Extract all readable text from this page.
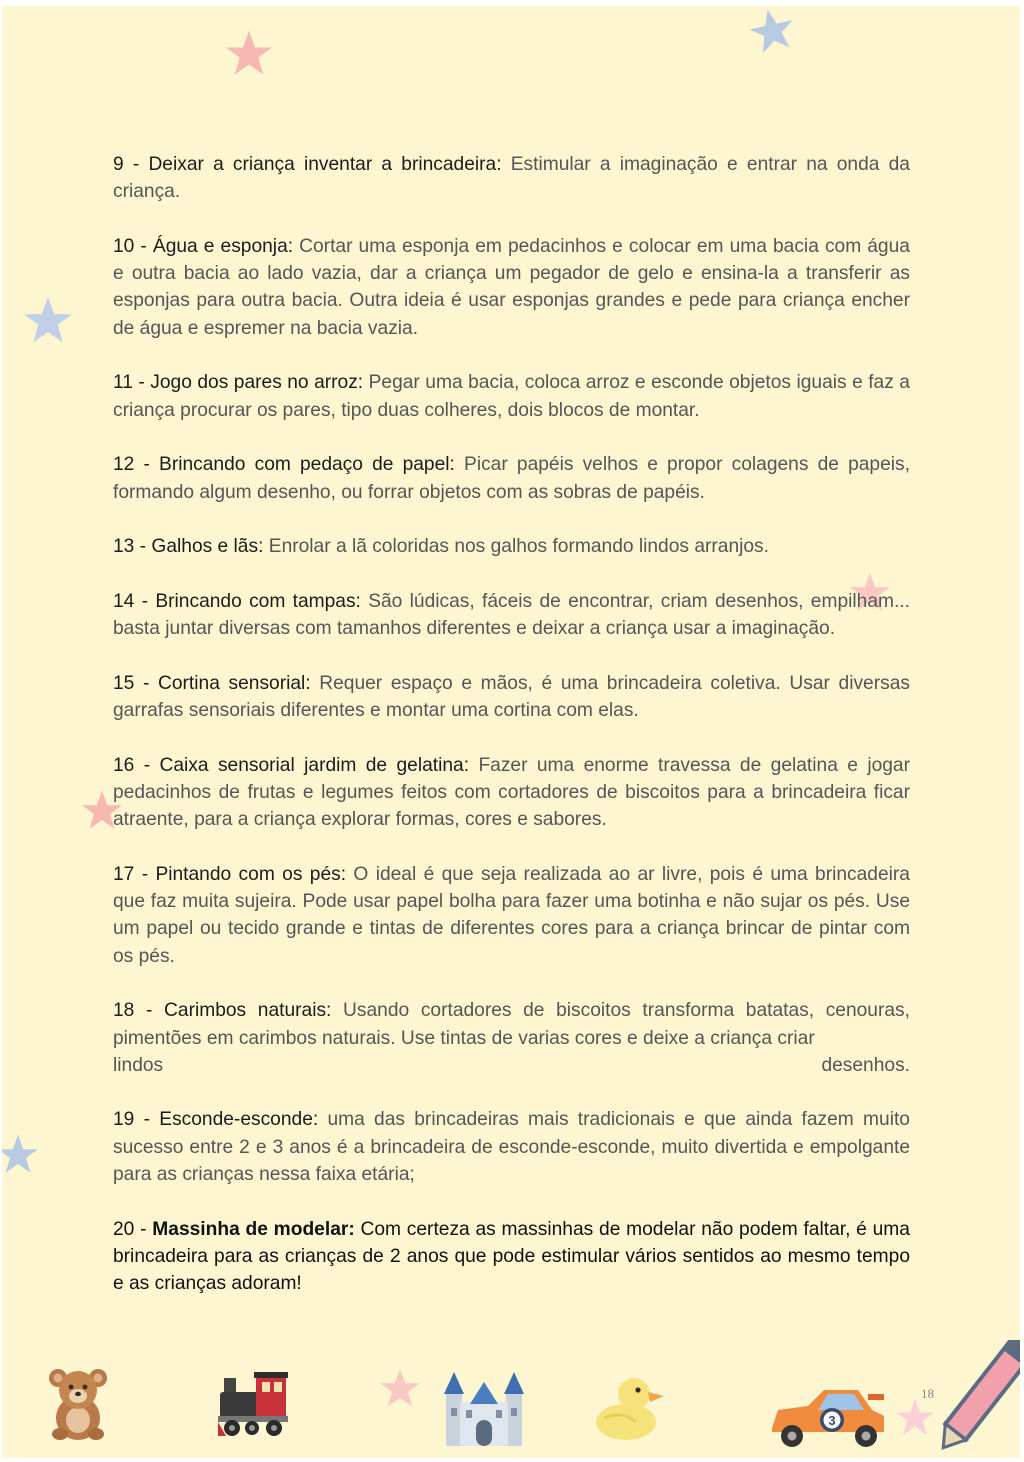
9 - Deixar a criança inventar a brincadeira: Estimular a imaginação e entrar na onda da criança.

10 - Água e esponja: Cortar uma esponja em pedacinhos e colocar em uma bacia com água e outra bacia ao lado vazia, dar a criança um pegador de gelo e ensina-la a transferir as esponjas para outra bacia. Outra ideia é usar esponjas grandes e pede para criança encher de água e espremer na bacia vazia.

11 - Jogo dos pares no arroz: Pegar uma bacia, coloca arroz e esconde objetos iguais e faz a criança procurar os pares, tipo duas colheres, dois blocos de montar.

12 - Brincando com pedaço de papel: Picar papéis velhos e propor colagens de papeis, formando algum desenho, ou forrar objetos com as sobras de papéis.

13 - Galhos e lãs: Enrolar a lã coloridas nos galhos formando lindos arranjos.

14 - Brincando com tampas: São lúdicas, fáceis de encontrar, criam desenhos, empilham... basta juntar diversas com tamanhos diferentes e deixar a criança usar a imaginação.

15 - Cortina sensorial: Requer espaço e mãos, é uma brincadeira coletiva. Usar diversas garrafas sensoriais diferentes e montar uma cortina com elas.

16 - Caixa sensorial jardim de gelatina: Fazer uma enorme travessa de gelatina e jogar pedacinhos de frutas e legumes feitos com cortadores de biscoitos para a brincadeira ficar atraente, para a criança explorar formas, cores e sabores.

17 - Pintando com os pés: O ideal é que seja realizada ao ar livre, pois é uma brincadeira que faz muita sujeira. Pode usar papel bolha para fazer uma botinha e não sujar os pés. Use um papel ou tecido grande e tintas de diferentes cores para a criança brincar de pintar com os pés.

18 - Carimbos naturais: Usando cortadores de biscoitos transforma batatas, cenouras, pimentões em carimbos naturais. Use tintas de varias cores e deixe a criança criar
lindos desenhos.

19 - Esconde-esconde: uma das brincadeiras mais tradicionais e que ainda fazem muito sucesso entre 2 e 3 anos é a brincadeira de esconde-esconde, muito divertida e empolgante para as crianças nessa faixa etária;

20 - Massinha de modelar: Com certeza as massinhas de modelar não podem faltar, é uma brincadeira para as crianças de 2 anos que pode estimular vários sentidos ao mesmo tempo e as crianças adoram!

18
3
